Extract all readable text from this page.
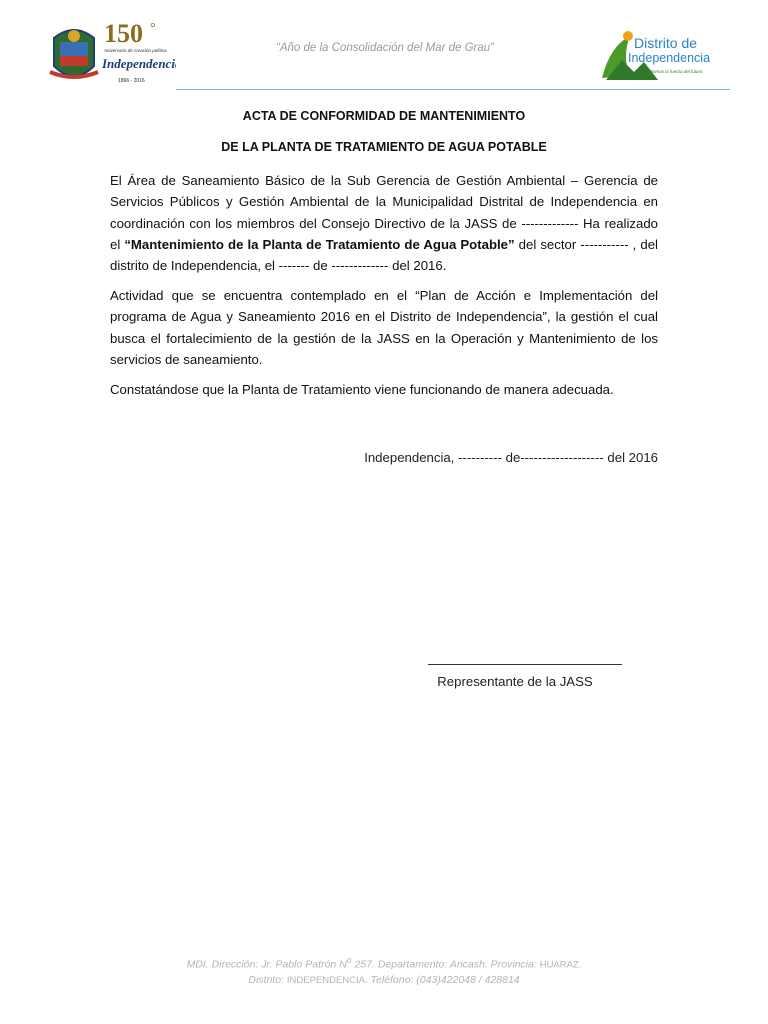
150 °
Aniversario de creación política
Independencia
1866 - 2016
“Año de la Consolidación del Mar de Grau”	Distrito de
Independencia
Somos la fuerza del futuro
ACTA DE CONFORMIDAD DE MANTENIMIENTO
DE LA PLANTA DE TRATAMIENTO DE AGUA POTABLE
El Área de Saneamiento Básico de la Sub Gerencia de Gestión Ambiental – Gerencia de Servicios Públicos y Gestión Ambiental de la Municipalidad Distrital de Independencia en coordinación con los miembros del Consejo Directivo de la JASS de ------------- Ha realizado el “Mantenimiento de la Planta de Tratamiento de Agua Potable” del sector ----------- , del distrito de Independencia, el ------- de ------------- del 2016.
Actividad que se encuentra contemplado en el “Plan de Acción e Implementación del programa de Agua y Saneamiento 2016 en el Distrito de Independencia”, la gestión el cual busca el fortalecimiento de la gestión de la JASS en la Operación y Mantenimiento de los servicios de saneamiento.
Constatándose que la Planta de Tratamiento viene funcionando de manera adecuada.
Independencia, ---------- de------------------- del 2016
Representante de la JASS
MDI. Dirección: Jr. Pablo Patrón $N^o$ 257. Departamento: Ancash. Provincia: HUARAZ.
Distrito: INDEPENDENCIA. Teléfono: (043)422048 / 428814
